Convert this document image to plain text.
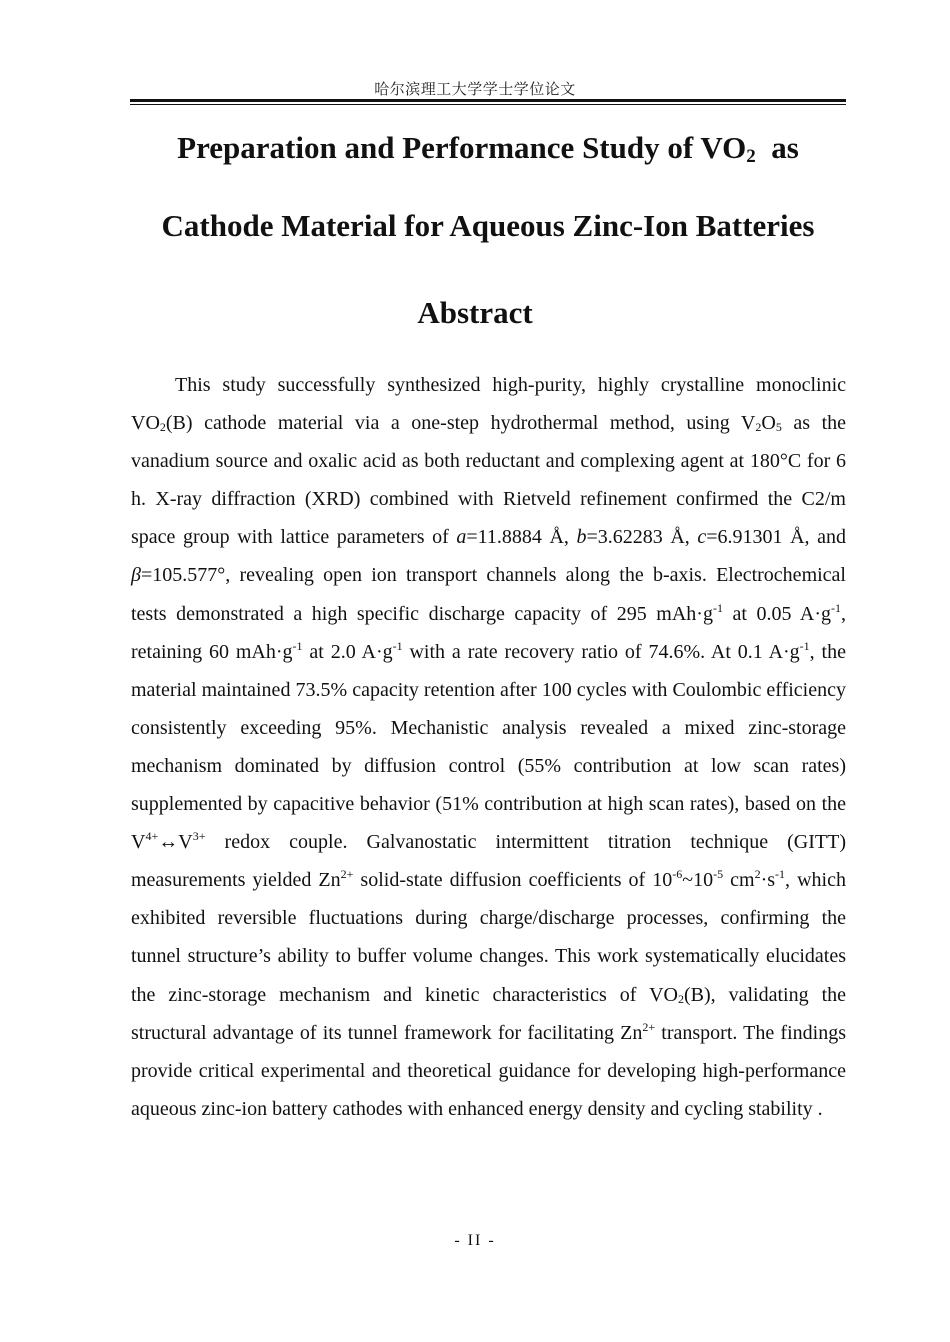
哈尔滨理工大学学士学位论文
Preparation and Performance Study of $VO_2$  as
Cathode Material for Aqueous Zinc-Ion Batteries
Abstract

This study successfully synthesized high-purity, highly crystalline monoclinic $VO_2(B)$ cathode material via a one-step hydrothermal method, using $V_2O_5$ as the vanadium source and oxalic acid as both reductant and complexing agent at 180°C for 6 h. X-ray diffraction (XRD) combined with Rietveld refinement confirmed the C2/m space group with lattice parameters of a=11.8884 Å, b=3.62283 Å, c=6.91301 Å, and β=105.577°, revealing open ion transport channels along the b-axis. Electrochemical tests demonstrated a high specific discharge capacity of 295 $mAh\cdot g^{-1}$ at 0.05 $A\cdot g^{-1}$, retaining 60 $mAh\cdot g^{-1}$ at 2.0 $A\cdot g^{-1}$ with a rate recovery ratio of 74.6%. At 0.1 $A\cdot g^{-1}$, the material maintained 73.5% capacity retention after 100 cycles with Coulombic efficiency consistently exceeding 95%. Mechanistic analysis revealed a mixed zinc-storage mechanism dominated by diffusion control (55% contribution at low scan rates) supplemented by capacitive behavior (51% contribution at high scan rates), based on the $V^{4+}\leftrightarrow V^{3+}$ redox couple. Galvanostatic intermittent titration technique (GITT) measurements yielded $Zn^{2+}$ solid-state diffusion coefficients of $10^{-6}\sim 10^{-5}$ $cm^2\cdot s^{-1}$, which exhibited reversible fluctuations during charge/discharge processes, confirming the tunnel structure’s ability to buffer volume changes. This work systematically elucidates the zinc-storage mechanism and kinetic characteristics of $VO_2(B)$, validating the structural advantage of its tunnel framework for facilitating $Zn^{2+}$ transport. The findings provide critical experimental and theoretical guidance for developing high-performance aqueous zinc-ion battery cathodes with enhanced energy density and cycling stability .

- II -
